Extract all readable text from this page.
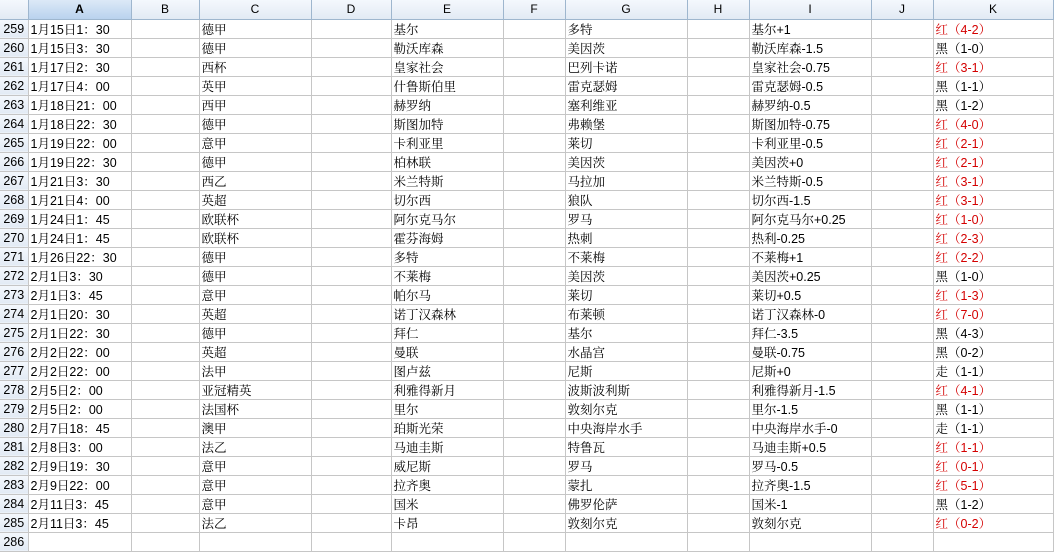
	A	B	C	D	E	F	G	H	I	J	K
259	1月15日1：30		德甲		基尔		多特		基尔+1		红（4-2）
260	1月15日3：30		德甲		勒沃库森		美因茨		勒沃库森-1.5		黑（1-0）
261	1月17日2：30		西杯		皇家社会		巴列卡诺		皇家社会-0.75		红（3-1）
262	1月17日4：00		英甲		什鲁斯伯里		雷克瑟姆		雷克瑟姆-0.5		黑（1-1）
263	1月18日21：00		西甲		赫罗纳		塞利维亚		赫罗纳-0.5		黑（1-2）
264	1月18日22：30		德甲		斯图加特		弗赖堡		斯图加特-0.75		红（4-0）
265	1月19日22：00		意甲		卡利亚里		莱切		卡利亚里-0.5		红（2-1）
266	1月19日22：30		德甲		柏林联		美因茨		美因茨+0		红（2-1）
267	1月21日3：30		西乙		米兰特斯		马拉加		米兰特斯-0.5		红（3-1）
268	1月21日4：00		英超		切尔西		狼队		切尔西-1.5		红（3-1）
269	1月24日1：45		欧联杯		阿尔克马尔		罗马		阿尔克马尔+0.25		红（1-0）
270	1月24日1：45		欧联杯		霍芬海姆		热刺		热利-0.25		红（2-3）
271	1月26日22：30		德甲		多特		不莱梅		不莱梅+1		红（2-2）
272	2月1日3：30		德甲		不莱梅		美因茨		美因茨+0.25		黑（1-0）
273	2月1日3：45		意甲		帕尔马		莱切		莱切+0.5		红（1-3）
274	2月1日20：30		英超		诺丁汉森林		布莱顿		诺丁汉森林-0		红（7-0）
275	2月1日22：30		德甲		拜仁		基尔		拜仁-3.5		黑（4-3）
276	2月2日22：00		英超		曼联		水晶宫		曼联-0.75		黑（0-2）
277	2月2日22：00		法甲		图卢兹		尼斯		尼斯+0		走（1-1）
278	2月5日2：00		亚冠精英		利雅得新月		波斯波利斯		利雅得新月-1.5		红（4-1）
279	2月5日2：00		法国杯		里尔		敦刻尔克		里尔-1.5		黑（1-1）
280	2月7日18：45		澳甲		珀斯光荣		中央海岸水手		中央海岸水手-0		走（1-1）
281	2月8日3：00		法乙		马迪圭斯		特鲁瓦		马迪圭斯+0.5		红（1-1）
282	2月9日19：30		意甲		威尼斯		罗马		罗马-0.5		红（0-1）
283	2月9日22：00		意甲		拉齐奥		蒙扎		拉齐奥-1.5		红（5-1）
284	2月11日3：45		意甲		国米		佛罗伦萨		国米-1		黑（1-2）
285	2月11日3：45		法乙		卡昂		敦刻尔克		敦刻尔克		红（0-2）
286											
